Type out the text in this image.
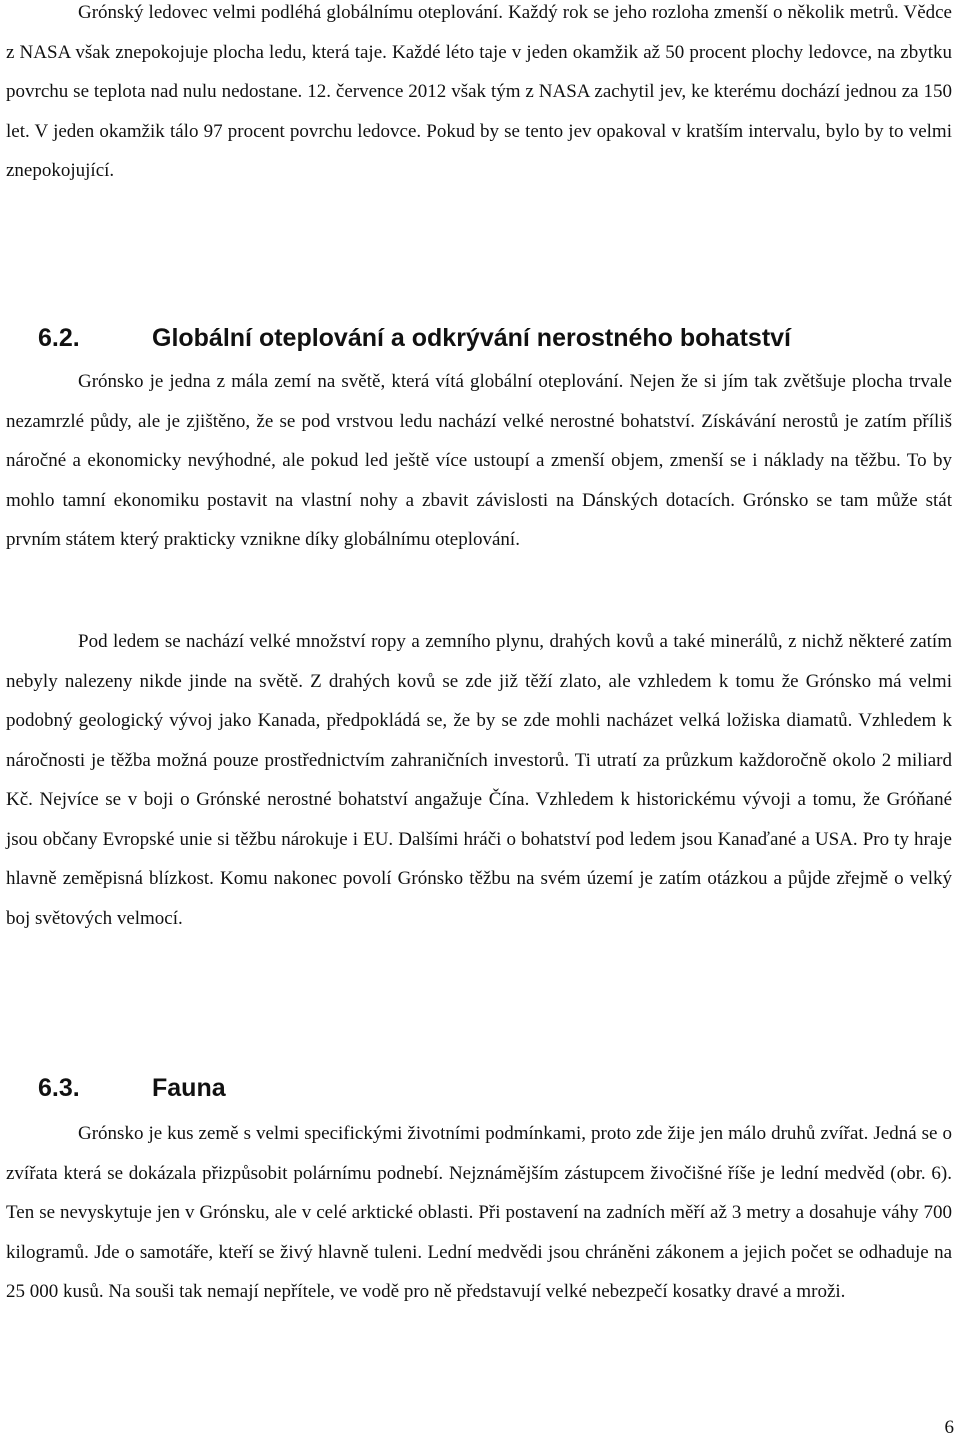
Grónský ledovec velmi podléhá globálnímu oteplování. Každý rok se jeho rozloha zmenší o několik metrů. Vědce z NASA však znepokojuje plocha ledu, která taje. Každé léto taje v jeden okamžik až 50 procent plochy ledovce, na zbytku povrchu se teplota nad nulu nedostane. 12. července 2012 však tým z NASA zachytil jev, ke kterému dochází jednou za 150 let. V jeden okamžik tálo 97 procent povrchu ledovce. Pokud by se tento jev opakoval v kratším intervalu, bylo by to velmi znepokojující.

6.2.	Globální oteplování a odkrývání nerostného bohatství

Grónsko je jedna z mála zemí na světě, která vítá globální oteplování. Nejen že si jím tak zvětšuje plocha trvale nezamrzlé půdy, ale je zjištěno, že se pod vrstvou ledu nachází velké nerostné bohatství. Získávání nerostů je zatím příliš náročné a ekonomicky nevýhodné, ale pokud led ještě více ustoupí a zmenší objem, zmenší se i náklady na těžbu. To by mohlo tamní ekonomiku postavit na vlastní nohy a zbavit závislosti na Dánských dotacích. Grónsko se tam může stát prvním státem který prakticky vznikne díky globálnímu oteplování.

Pod ledem se nachází velké množství ropy a zemního plynu, drahých kovů a také minerálů, z nichž některé zatím nebyly nalezeny nikde jinde na světě. Z drahých kovů se zde již těží zlato, ale vzhledem k tomu že Grónsko má velmi podobný geologický vývoj jako Kanada, předpokládá se, že by se zde mohli nacházet velká ložiska diamatů. Vzhledem k náročnosti je těžba možná pouze prostřednictvím zahraničních investorů. Ti utratí za průzkum každoročně okolo 2 miliard Kč. Nejvíce se v boji o Grónské nerostné bohatství angažuje Čína. Vzhledem k historickému vývoji a tomu, že Gróňané jsou občany Evropské unie si těžbu nárokuje i EU. Dalšími hráči o bohatství pod ledem jsou Kanaďané a USA. Pro ty hraje hlavně zeměpisná blízkost. Komu nakonec povolí Grónsko těžbu na svém území je zatím otázkou a půjde zřejmě o velký boj světových velmocí.

6.3.	Fauna

Grónsko je kus země s velmi specifickými životními podmínkami, proto zde žije jen málo druhů zvířat. Jedná se o zvířata která se dokázala přizpůsobit polárnímu podnebí. Nejznámějším zástupcem živočišné říše je lední medvěd (obr. 6). Ten se nevyskytuje jen v Grónsku, ale v celé arktické oblasti. Při postavení na zadních měří až 3 metry a dosahuje váhy 700 kilogramů. Jde o samotáře, kteří se živý hlavně tuleni. Lední medvědi jsou chráněni zákonem a jejich počet se odhaduje na 25 000 kusů. Na souši tak nemají nepřítele, ve vodě pro ně představují velké nebezpečí kosatky dravé a mroži.

6
